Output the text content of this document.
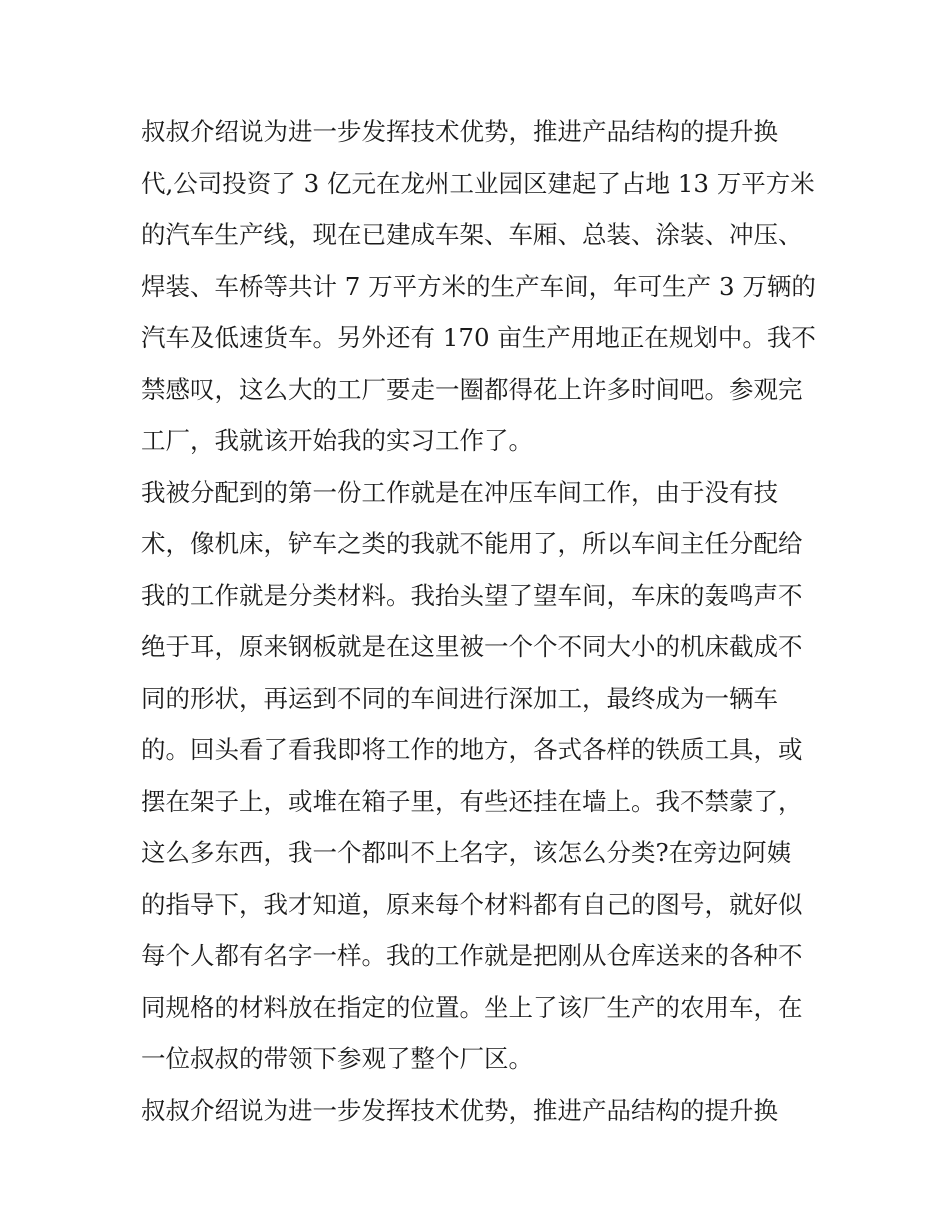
叔叔介绍说为进一步发挥技术优势，推进产品结构的提升换
代,公司投资了 3 亿元在龙州工业园区建起了占地 13 万平方米
的汽车生产线，现在已建成车架、车厢、总装、涂装、冲压、
焊装、车桥等共计 7 万平方米的生产车间，年可生产 3 万辆的
汽车及低速货车。另外还有 170 亩生产用地正在规划中。我不
禁感叹，这么大的工厂要走一圈都得花上许多时间吧。参观完
工厂，我就该开始我的实习工作了。
我被分配到的第一份工作就是在冲压车间工作，由于没有技
术，像机床，铲车之类的我就不能用了，所以车间主任分配给
我的工作就是分类材料。我抬头望了望车间，车床的轰鸣声不
绝于耳，原来钢板就是在这里被一个个不同大小的机床截成不
同的形状，再运到不同的车间进行深加工，最终成为一辆车
的。回头看了看我即将工作的地方，各式各样的铁质工具，或
摆在架子上，或堆在箱子里，有些还挂在墙上。我不禁蒙了，
这么多东西，我一个都叫不上名字，该怎么分类?在旁边阿姨
的指导下，我才知道，原来每个材料都有自己的图号，就好似
每个人都有名字一样。我的工作就是把刚从仓库送来的各种不
同规格的材料放在指定的位置。坐上了该厂生产的农用车，在
一位叔叔的带领下参观了整个厂区。
叔叔介绍说为进一步发挥技术优势，推进产品结构的提升换
